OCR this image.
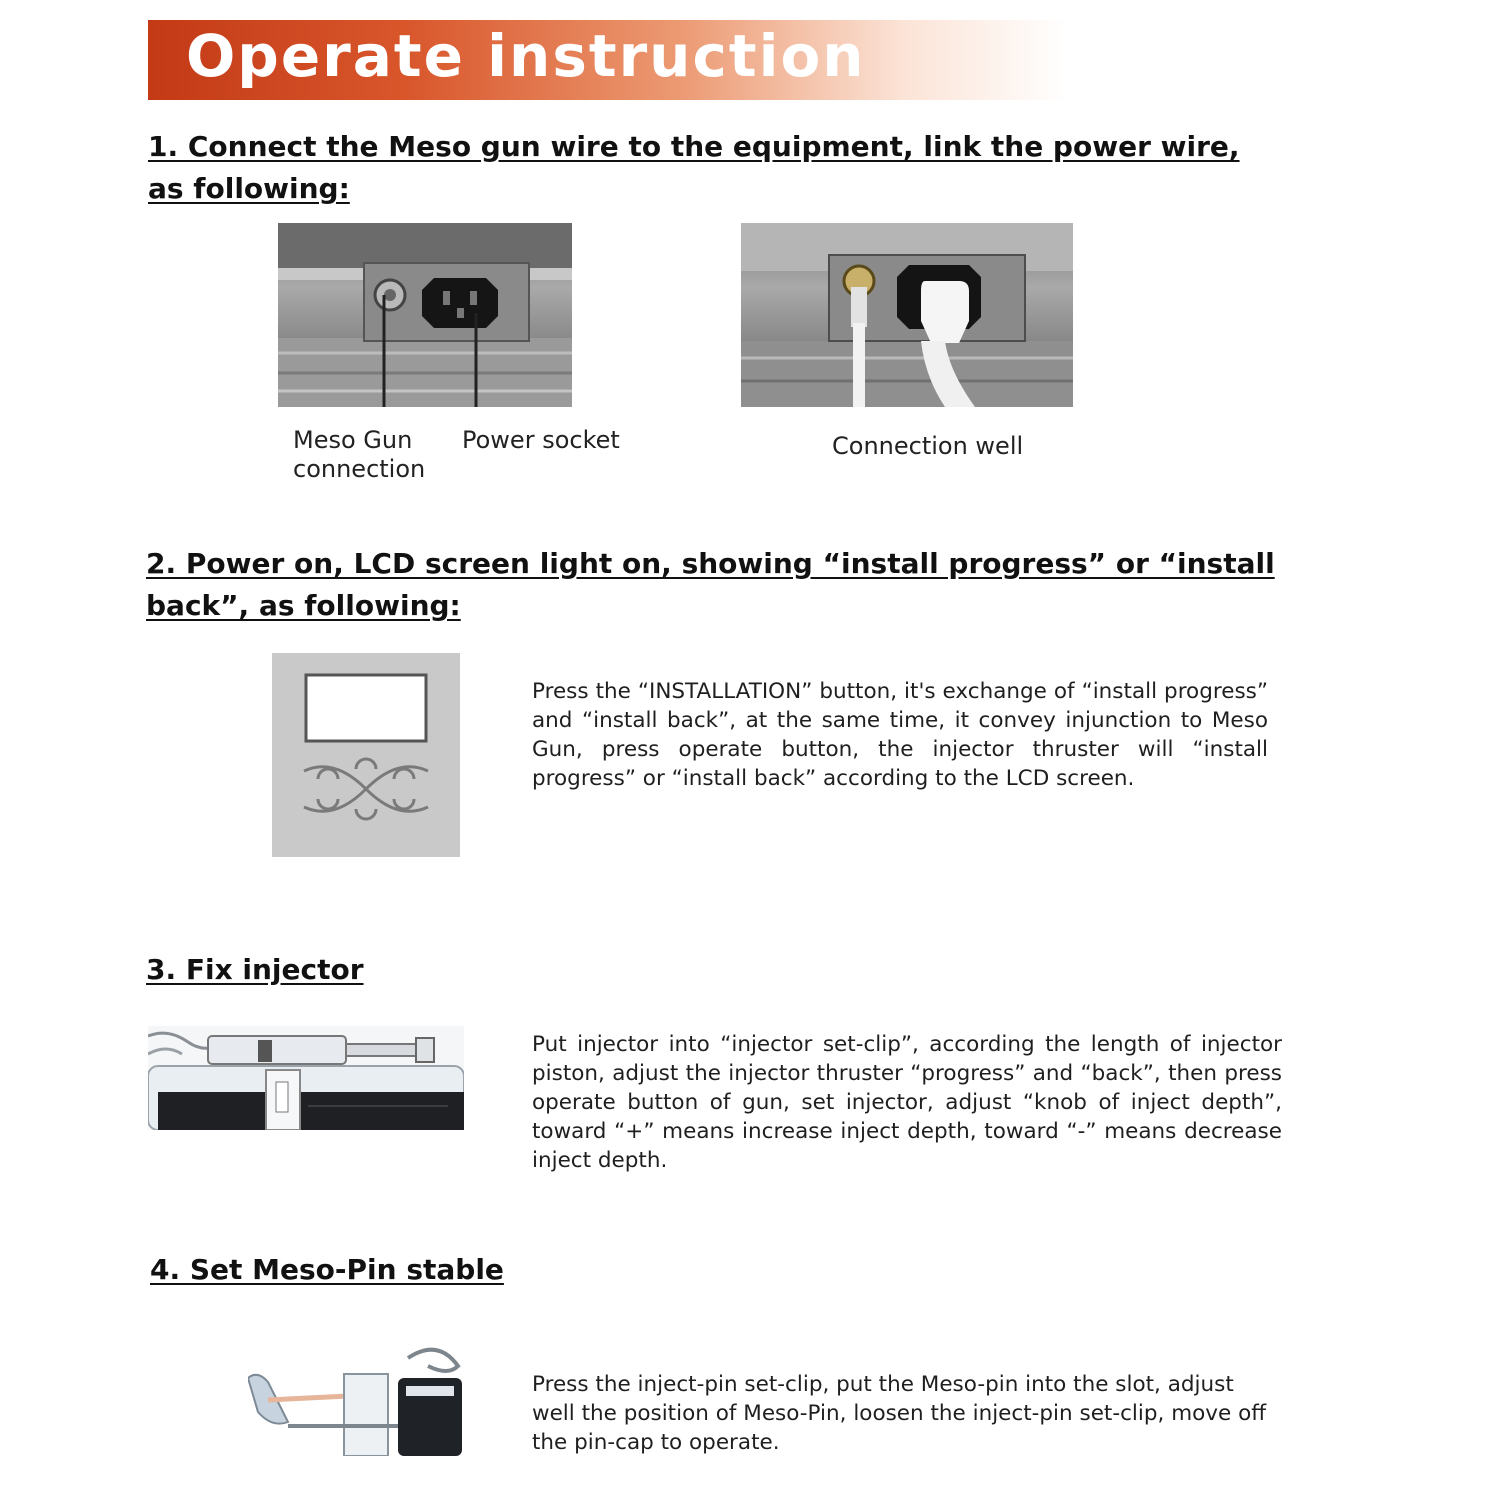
Operate instruction
1. Connect the Meso gun wire to the equipment, link the power wire,
as following:
Meso Gun
connection
Power socket	Connection well
2. Power on, LCD screen light on, showing “install progress” or “install
back”, as following:
Press the “INSTALLATION” button, it's exchange of “install progress” and “install back”, at the same time, it convey injunction to Meso Gun, press operate button, the injector thruster will “install progress” or “install back” according to the LCD screen.
3. Fix injector
Put injector into “injector set-clip”, according the length of injector piston, adjust the injector thruster “progress” and “back”, then press operate button of gun, set injector, adjust “knob of inject depth”, toward “+” means increase inject depth, toward “-” means decrease inject depth.
4. Set Meso-Pin stable
Press the inject-pin set-clip, put the Meso-pin into the slot, adjust well the position of Meso-Pin, loosen the inject-pin set-clip, move off the pin-cap to operate.
